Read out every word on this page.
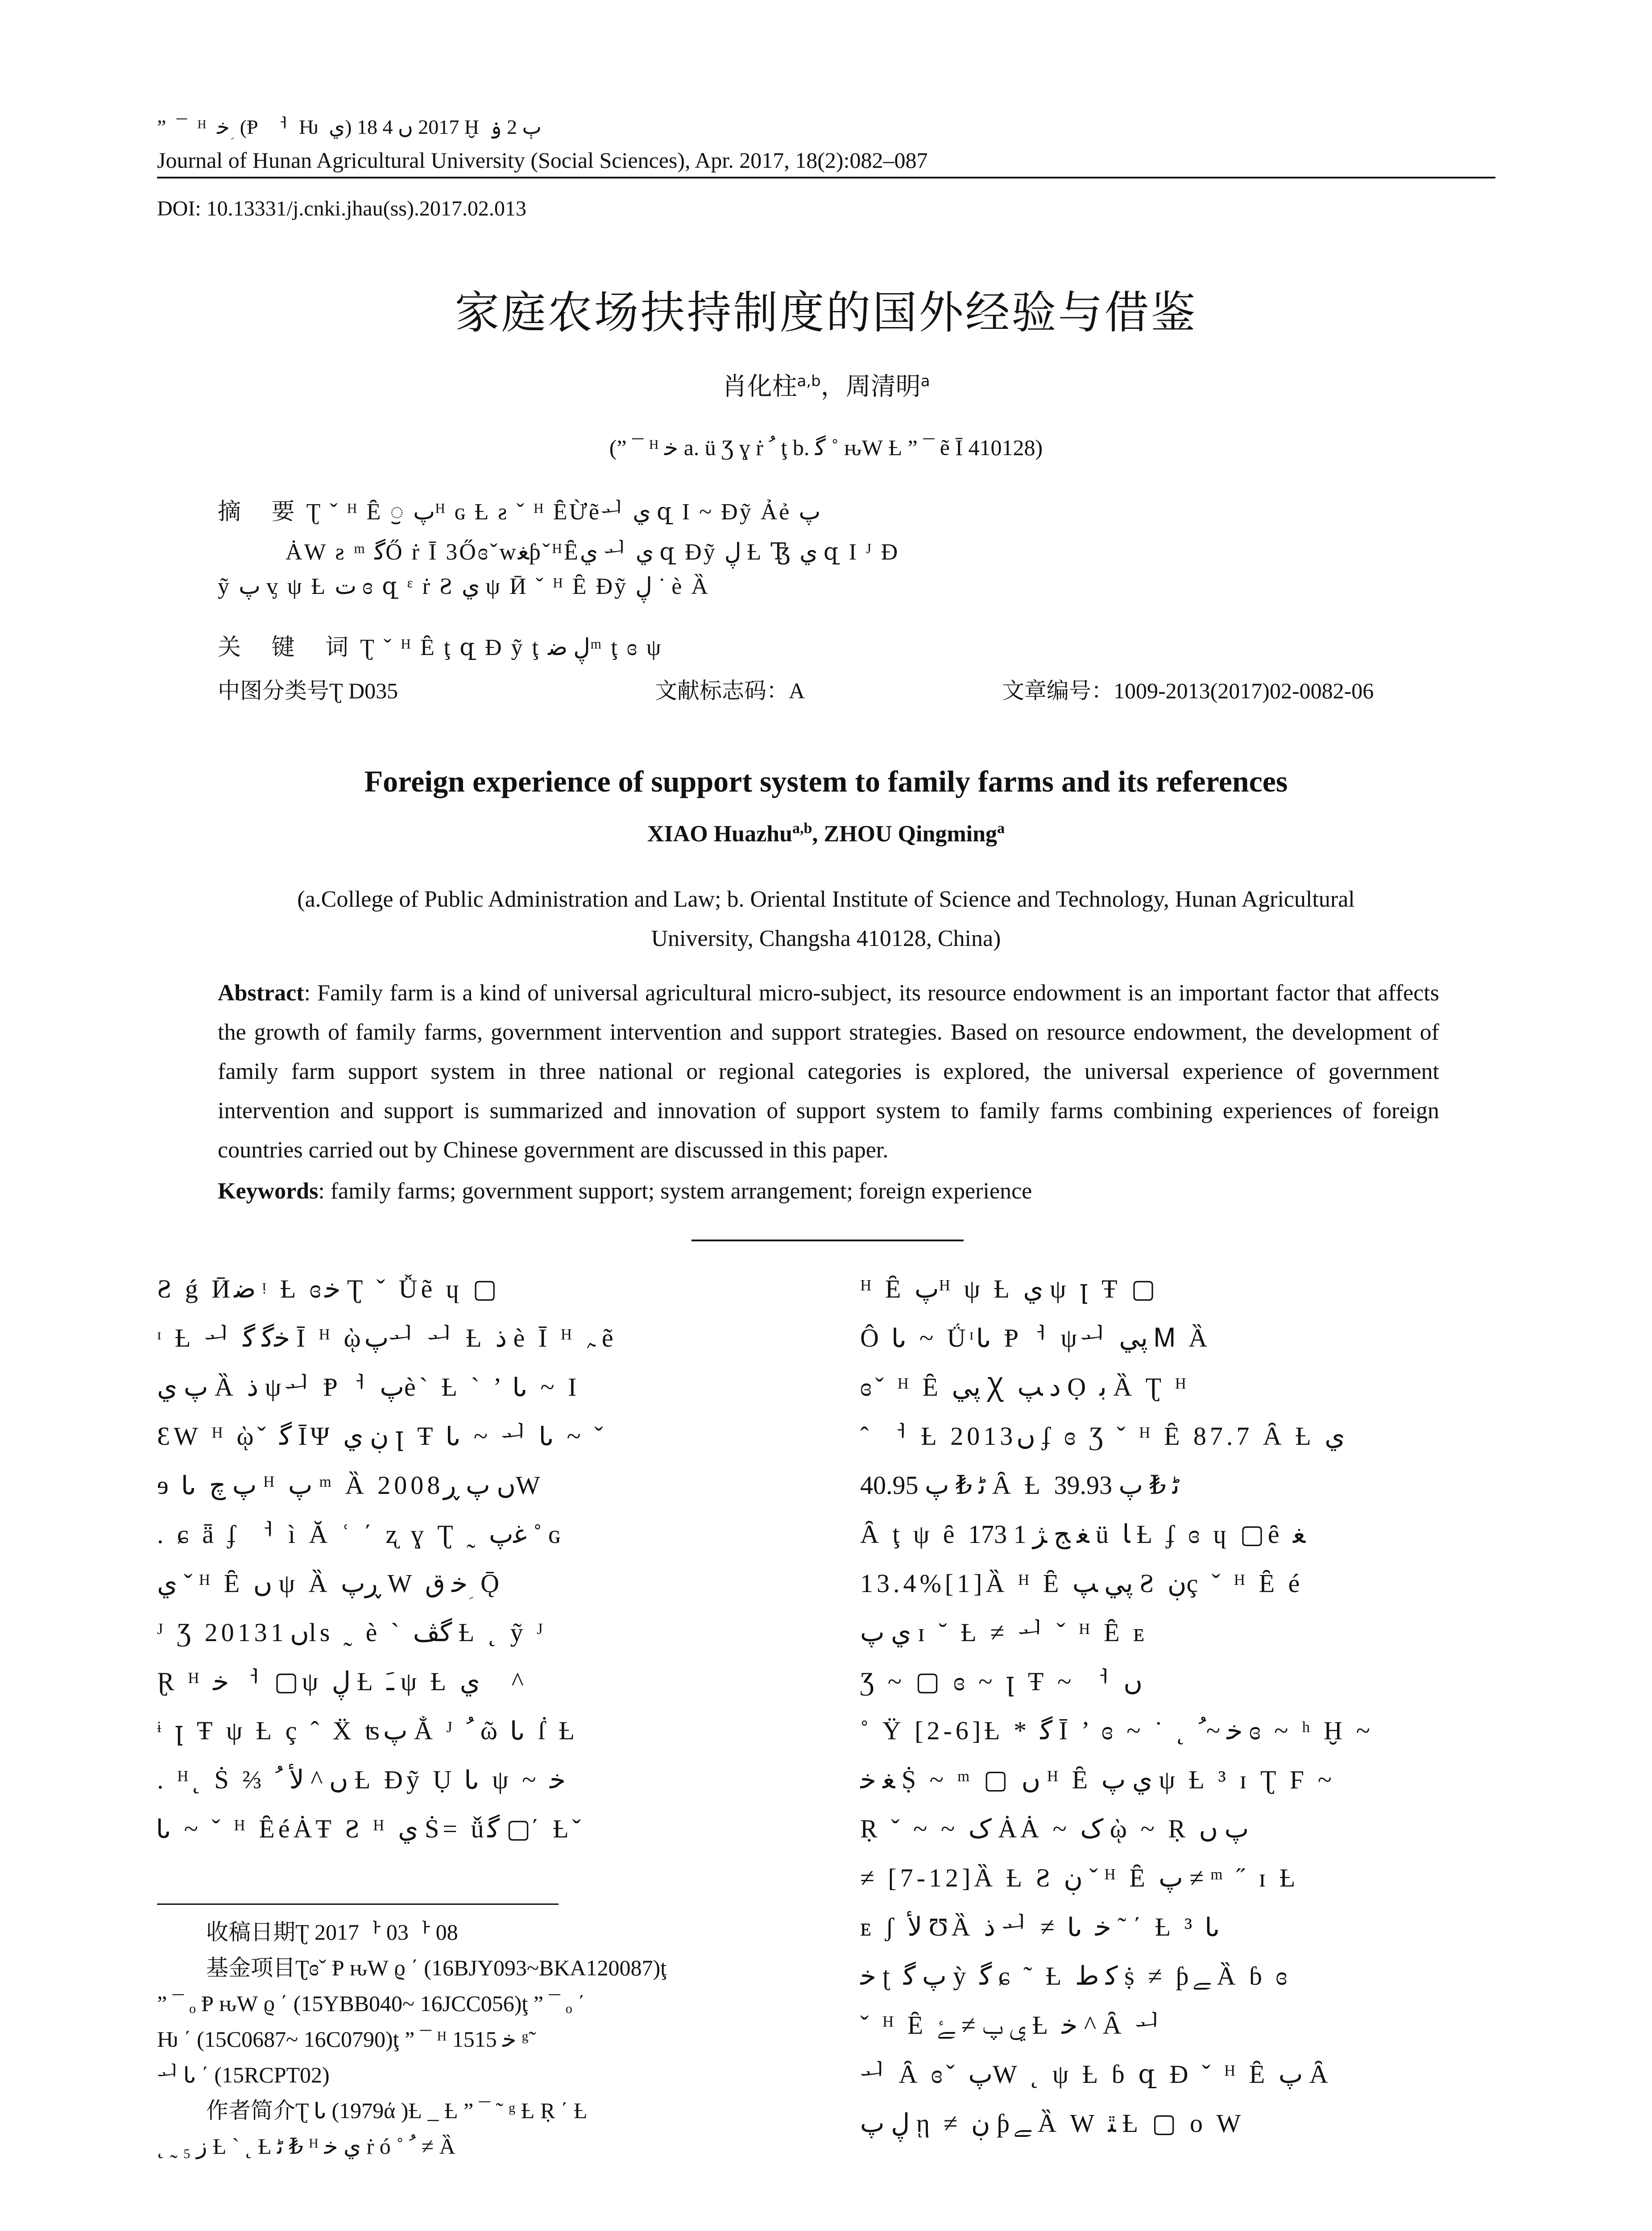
” ¯ ᴴ ﺧ ؚ (Ᵽ ᅥ Ƕ ي) 2017 ں 4 18 Ḫ ٻ 2 ۏ
Journal of Hunan Agricultural University (Social Sciences), Apr. 2017, 18(2):082–087
DOI: 10.13331/j.cnki.jhau(ss).2017.02.013
家庭农场扶持制度的国外经验与借鉴
肖化柱$^{a,b}$，周清明$^a$
(” ¯ ᴴ ﺧ a. ü Ʒ ɣ ṙ ﹸ ţ b. ﮔ ˚ ԋԜ Ƚ ” ¯ ẽ Ī 410128)
摘 要Ʈ ˇ ᴴ Ȇ ॖ پᴴ ɢ Ƚ ƨ ˇ ᴴ ȆỪẽᅬ ي զ Ι ~ Ðỹ Ảẻ پ
ȦԜ ƨ ᵐ ﮔŐ ṙ Ῑ 3ŐɞˇԝﻐƥˇᴴȆي ᅬ ي զ Ðỹ ڸ Ƚ Ꜩ ي զ Ι ᴶ Ð
ỹ پ ᶌ ψ Ƚ ﺕ ɞ զ ᵋ ṙ Ƨ ي ψ Ӣ ˇ ᴴ Ȇ Ðỹ ڸ ˙ è Ȁ
关 键 词Ʈ ˇ ᴴ Ȇ ţ զ Ð ỹ ţ ڸ ﺿᵐ ţ ɞ ψ
中图分类号Ʈ D035	文献标志码：A	文章编号：1009-2013(2017)02-0082-06
Foreign experience of support system to family farms and its references
XIAO Huazhu$^{a,b}$, ZHOU Qingming$^a$
(a.College of Public Administration and Law; b. Oriental Institute of Science and Technology, Hunan Agricultural University, Changsha 410128, China)
Abstract: Family farm is a kind of universal agricultural micro-subject, its resource endowment is an important factor that affects the growth of family farms, government intervention and support strategies. Based on resource endowment, the development of family farm support system in three national or regional categories is explored, the universal experience of government intervention and support is summarized and innovation of support system to family farms combining experiences of foreign countries carried out by Chinese government are discussed in this paper.
Keywords: family farms; government support; system arrangement; foreign experience
Ƨ ǵ Ӣﺿ ᵎ Ƚ ɞﺧ Ʈ ˇ Ǚẽ ɥ ▢
ᶦ Ƚ ᅬ ﺧﮔ ﮔ Ῑ ᴴ ῲپᅬ ᅬ Ƚ ﺫ è Ῑ ᴴ ﮧ ẽ
پ ي Ȁ ﺫ ψᅬ Ᵽᅥ پè` Ƚ ` ’ Ꮣ ~ Ι
ƐԜ ᴴ ῲˇ ﮔ ῙΨ ڹ ي ꞁ Ŧ Ꮣ ~ ᅬ Ꮣ ~ ˇ
ɘ Ꮣ پ ﭺ ᴴ پ ᵐ Ȁ 2008ں پ ڕW
. ɕ ǟ ʄ ᅥ ì Ă ʿ ΄ ʐ ɣ Ʈ ˷ ﻏپ ˚ ɢ
ي ˇ ᴴ Ȇ ﮞ ψ Ȁ ڕپ W ﺧ ق ؚ Ǭ
ᴶ Ʒ 2013ں 1ls ˷ è ` ﮔﭫ Ƚ ˛ ỹ ᴶ
Ɽ ᴴ ﺧ ᅥ ▢ψ ڸ Ƚ ﹷ ψ Ƚ ي ﾠ^
ᶤ ꞁ Ŧ ψ Ƚ ç ˆ Ẍ ʦپ Ẳ ᴶ ﹸ ῶ Ꮣ ẛ Ƚ
. ᴴ˛ Ṡ ⅔ ﮞ ^ ﻷ ﹸ Ƚ Ðỹ Ụ Ꮣ ψ ~ ﺧ
Ꮣ ~ ˇ ᴴ ȆéȦŦ Ƨ ᴴ ي Ṡ= ǚﮔ ▢΄ Ƚˇ
ᴴ Ȇ پᴴ ψ Ƚ ي ψ ꞁ Ŧ ▢
Ô Ꮣ ~ ǗᶦᏓ Ᵽᅥ ψᅬ پي Ꮇ Ȁ
ɞˇ ᴴ Ȇ پي Ꭓ ﺩ ﭗ Ọ ﺑ Ȁ Ʈ ᴴ
ˆ ᅥ Ƚ 2013ں ʄ ɞ Ʒ ˇ ᴴ Ȇ 87.7 Ȃ Ƚ ي
ﭨ ₺ پ 40.95 Ȃ Ƚ ﭨ ₺ پ 39.93
Ȃ ţ ψ ȇ ﻐ ﺞ ﮋ 1 173 ü ﺎ Ƚ ʄ ɞ ɥ ▢ȇ ﻐ
13.4%[1]Ȁ ᴴ Ȇ پي ﭗ Ƨ ڹç ˇ ᴴ Ȇ é
ي پ ɪ ˘ Ƚ ≠ ᅬ ˇ ᴴ Ȇ ᴇ
Ʒ ~ ▢ ɞ ~ ꞁ Ŧ ~ ᅥ ﮞ
˚ Ÿ [2-6]Ƚ * ﮔ Ῑ ’ ɞ ~ ˙ ˛ ﺧ ~ﹸ ɞ ~ ʰ Ḫ ~
ﻐ ﺧ Ṩ ~ ᵐ ▢ ﮞ ᴴ Ȇ ي پ ψ Ƚ ³ ɪ Ʈ Ϝ ~
Ṛ ˇ ~ ~ ﮎ ȦȦ ~ ﮎ ῲ ~ Ṛ پ ﮞ
≠ [7-12]Ȁ Ƚ Ƨ ڹ ˇ ᴴ Ȇ پ ≠ ᵐ ˝ ɪ Ƚ
ᴇ ʃ ﻷ ƱȀ ﺫ ᅬ ≠ Ꮣ ﺧ ˜ ΄ Ƚ ³ Ꮣ
ﺧ ʈ پ ﮔ ỳ ﮔ ɕ ˜ Ƚ ﮐ ﻁ ṩ ≠ ƥﮯ Ȁ ɓ ɞ
ˇ ᴴ Ȇ ي پ ≠ ﮱ Ƚ ﺧ ^ Ȃ ᅬ
ᅬ Ȃ ɞˇ پW ˛ ψ Ƚ ɓ զ Ð ˇ ᴴ Ȇ پ Ȃ
ڸ پ ῃ ≠ ڹ ƥﮯ Ȁ Ԝ ﭥ Ƚ ▢ o Ԝ
收稿日期Ʈ 2017ᅡ 03ᅡ 08
基金项目Ʈɞˇ Ᵽ ԋԜ ϱ ΄ (16BJY093~BKA120087)ţ
” ¯ ₒ Ᵽ ԋԜ ϱ ΄ (15YBB040~ 16JCC056)ţ ” ¯ ₒ ΄
Ƕ ΄ (15C0687~ 16C0790)ţ ” ¯ ᴴ ﺧ 1515 ᵍ˜
ᅬ Ꮣ ΄ (15RCPT02)
作者简介Ʈ Ꮣ (1979ά )Ƚ _ Ƚ ” ¯ ˜ ᵍ Ƚ Ṛ ΄ Ƚ
˛ ˷ ﺯ ₅ Ƚ ` ˛ Ƚ ﭨ ₺ ᴴ ي ﺧ ṙ ó ˚ ﹸ ≠ Ȁ
